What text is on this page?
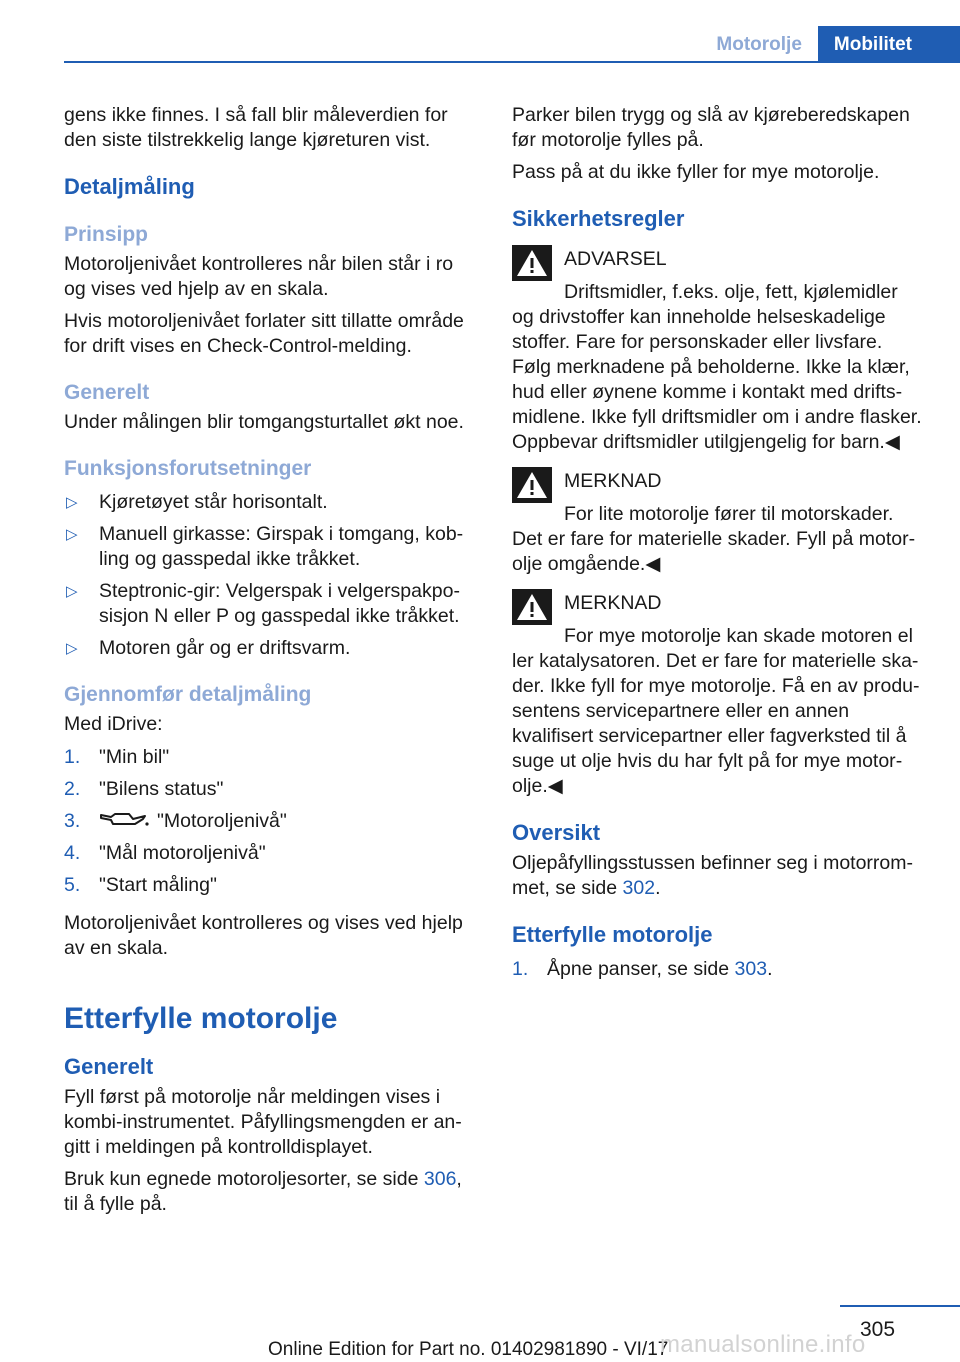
Motorolje	Mobilitet

gens ikke finnes. I så fall blir måleverdien for den siste tilstrekkelig lange kjøreturen vist.

Detaljmåling
Prinsipp

Motoroljenivået kontrolleres når bilen står i ro og vises ved hjelp av en skala.

Hvis motoroljenivået forlater sitt tillatte område for drift vises en Check-Control-melding.

Generelt

Under målingen blir tomgangsturtallet økt noe.

Funksjonsforutsetninger
▷ Kjøretøyet står horisontalt.
▷ Manuell girkasse: Girspak i tomgang, kobling og gasspedal ikke tråkket.
▷ Steptronic-gir: Velgerspak i velgerspakposisjon N eller P og gasspedal ikke tråkket.
▷ Motoren går og er driftsvarm.
Gjennomfør detaljmåling

Med iDrive:

1. "Min bil"
2. "Bilens status"
3.	"Motoroljenivå"
4. "Mål motoroljenivå"
5. "Start måling"

Motoroljenivået kontrolleres og vises ved hjelp av en skala.

Etterfylle motorolje
Generelt

Fyll først på motorolje når meldingen vises i kombi-instrumentet. Påfyllingsmengden er angitt i meldingen på kontrolldisplayet.

Bruk kun egnede motoroljesorter, se side 306, til å fylle på.

Parker bilen trygg og slå av kjøreberedskapen før motorolje fylles på.

Pass på at du ikke fyller for mye motorolje.

Sikkerhetsregler
ADVARSEL
Driftsmidler, f.eks. olje, fett, kjølemidler
og drivstoffer kan inneholde helseskadelige stoffer. Fare for personskader eller livsfare. Følg merknadene på beholderne. Ikke la klær, hud eller øynene komme i kontakt med driftsmidlene. Ikke fyll driftsmidler om i andre flasker. Oppbevar driftsmidler utilgjengelig for barn.◀
MERKNAD
For lite motorolje fører til motorskader.
Det er fare for materielle skader. Fyll på motorolje omgående.◀
MERKNAD
For mye motorolje kan skade motoren el
ler katalysatoren. Det er fare for materielle skader. Ikke fyll for mye motorolje. Få en av produsentens servicepartnere eller en annen kvalifisert servicepartner eller fagverksted til å suge ut olje hvis du har fylt på for mye motorolje.◀
Oversikt

Oljepåfyllingsstussen befinner seg i motorrommet, se side 302.

Etterfylle motorolje
1. Åpne panser, se side 303.
305
Online Edition for Part no. 01402981890 - VI/17
manualsonline.info
